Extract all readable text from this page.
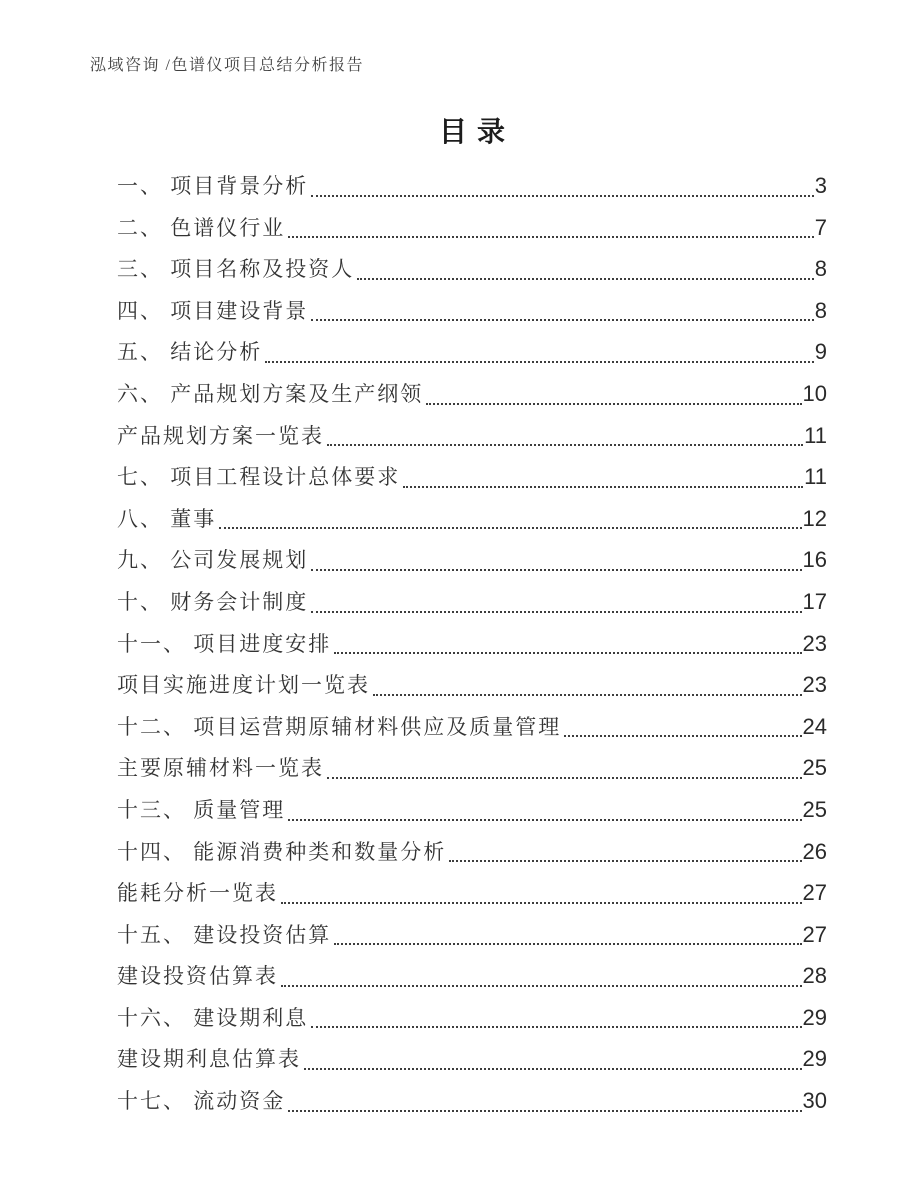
泓域咨询 /色谱仪项目总结分析报告
目录
一、 项目背景分析	3
二、 色谱仪行业	7
三、 项目名称及投资人	8
四、 项目建设背景	8
五、 结论分析	9
六、 产品规划方案及生产纲领	10
产品规划方案一览表	11
七、 项目工程设计总体要求	11
八、 董事	12
九、 公司发展规划	16
十、 财务会计制度	17
十一、 项目进度安排	23
项目实施进度计划一览表	23
十二、 项目运营期原辅材料供应及质量管理	24
主要原辅材料一览表	25
十三、 质量管理	25
十四、 能源消费种类和数量分析	26
能耗分析一览表	27
十五、 建设投资估算	27
建设投资估算表	28
十六、 建设期利息	29
建设期利息估算表	29
十七、 流动资金	30
